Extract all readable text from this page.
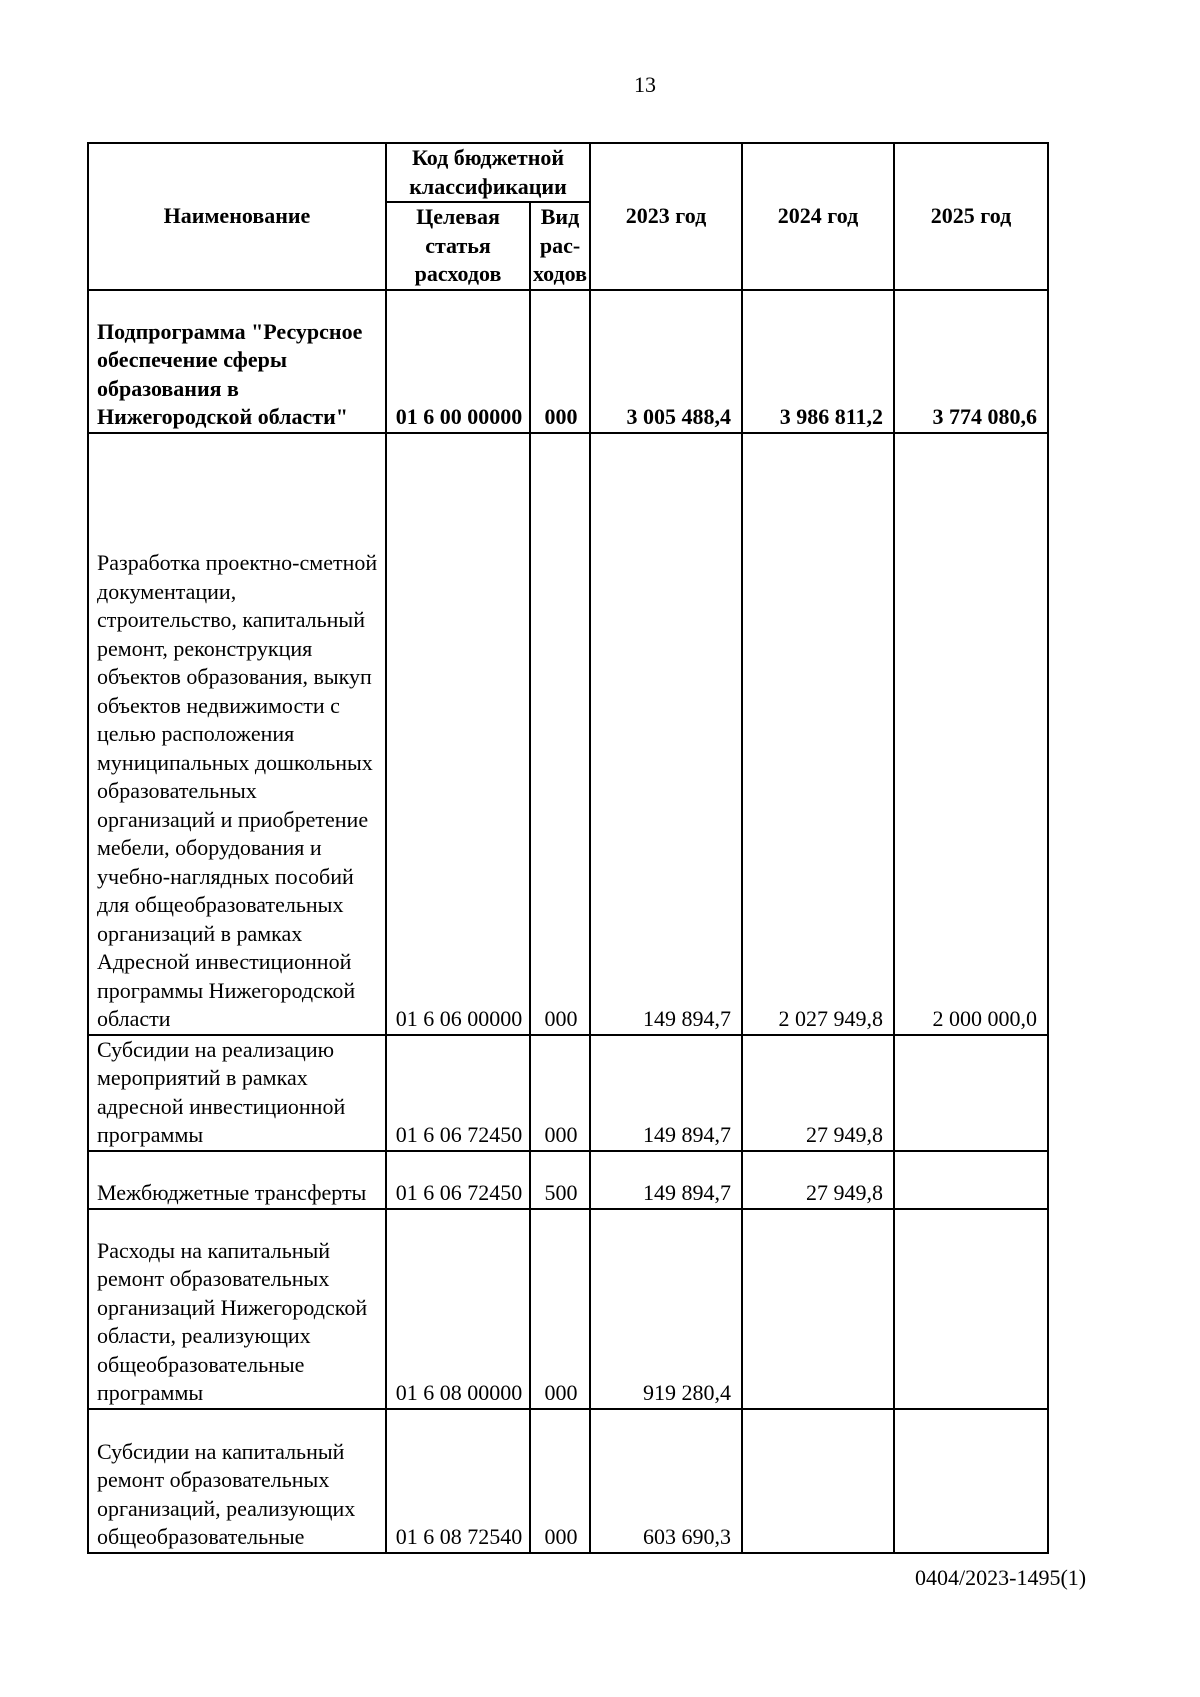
13
Наименование	Код бюджетной классификации		2023 год	2024 год	2025 год
	Целевая статья расходов	Вид рас-ходов			
Подпрограмма "Ресурсное обеспечение сферы образования в Нижегородской области"	01 6 00 00000	000	3 005 488,4	3 986 811,2	3 774 080,6
Разработка проектно-сметной документации, строительство, капитальный ремонт, реконструкция объектов образования, выкуп объектов недвижимости с целью расположения муниципальных дошкольных образовательных организаций и приобретение мебели, оборудования и учебно-наглядных пособий для общеобразовательных организаций в рамках Адресной инвестиционной программы Нижегородской области	01 6 06 00000	000	149 894,7	2 027 949,8	2 000 000,0
Субсидии на реализацию мероприятий в рамках адресной инвестиционной программы	01 6 06 72450	000	149 894,7	27 949,8	
Межбюджетные трансферты	01 6 06 72450	500	149 894,7	27 949,8	
Расходы на капитальный ремонт образовательных организаций Нижегородской области, реализующих общеобразовательные программы	01 6 08 00000	000	919 280,4		
Субсидии на капитальный ремонт образовательных организаций, реализующих общеобразовательные	01 6 08 72540	000	603 690,3		
0404/2023-1495(1)
